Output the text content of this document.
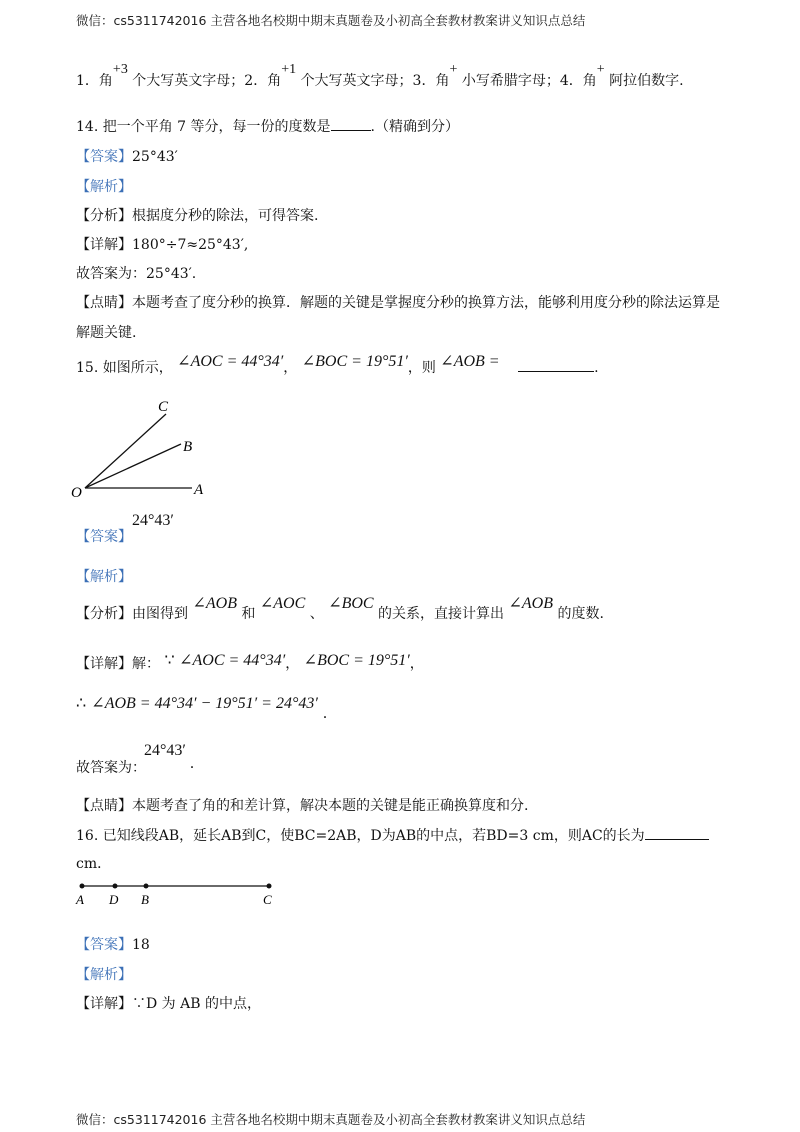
微信：cs5311742016 主营各地名校期中期末真题卷及小初高全套教材教案讲义知识点总结
1．角+3 个大写英文字母；2．角+1 个大写英文字母；3．角+ 小写希腊字母；4．角+ 阿拉伯数字.
14. 把一个平角 7 等分，每一份的度数是	.（精确到分）
【答案】25°43′
【解析】
【分析】根据度分秒的除法，可得答案.
【详解】180°÷7≈25°43′,
故答案为：25°43′.
【点睛】本题考查了度分秒的换算．解题的关键是掌握度分秒的换算方法，能够利用度分秒的除法运算是
解题关键.
15. 如图所示， ∠AOC = 44°34′， ∠BOC = 19°51′，则 ∠AOB =	.
C
B
O	A
【答案】
24°43′
【解析】
【分析】由图得到 ∠AOB 和 ∠AOC 、 ∠BOC 的关系，直接计算出 ∠AOB 的度数.
【详解】解： ∵ ∠AOC = 44°34′， ∠BOC = 19°51′，
∴ ∠AOB = 44°34′ − 19°51′ = 24°43′ .
故答案为：
24°43′
.
【点睛】本题考查了角的和差计算，解决本题的关键是能正确换算度和分.
16. 已知线段AB，延长AB到C，使BC=2AB，D为AB的中点，若BD=3 cm，则AC的长为
cm．
A D B	C
【答案】18
【解析】
【详解】∵D 为 AB 的中点，
微信：cs5311742016 主营各地名校期中期末真题卷及小初高全套教材教案讲义知识点总结
